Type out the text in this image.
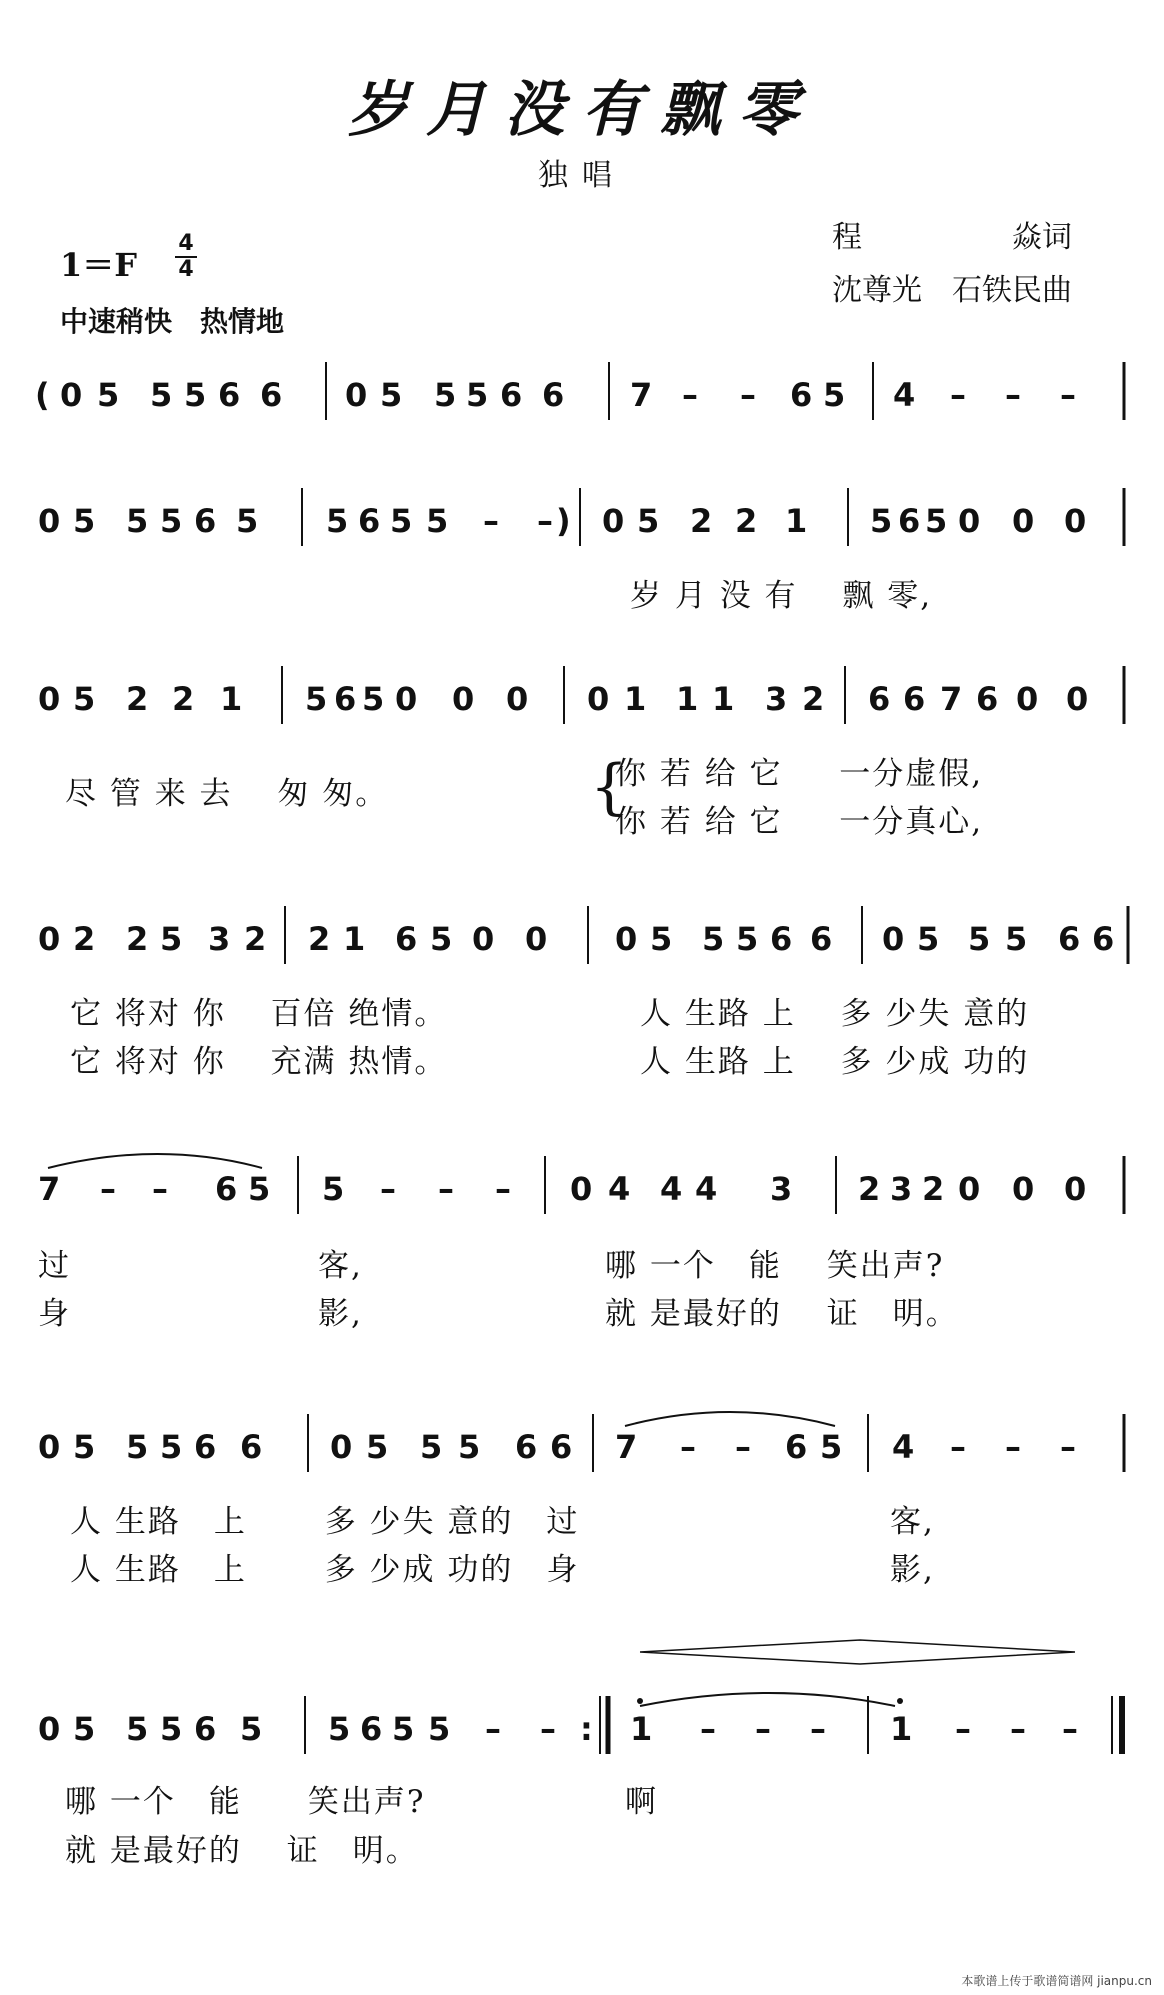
岁月没有飘零
独唱
1＝F
4
4
中速稍快　热情地
程　　　　　焱词
沈尊光　石铁民曲
( 0 5 5 5 6 6 0 5 5 5 6 6 7 – – 6 5 4 – – –
0 5 5 5 6 5 5 6 5 5 – – ) 0 5 2 2 1 5 6 5 0 0 0
0 5 2 2 1 5 6 5 0 0 0 0 1 1 1 3 2 6 6 7 6 0 0
0 2 2 5 3 2 2 1 6 5 0 0 0 5 5 5 6 6 0 5 5 5 6 6
7 – – 6 5 5 – – – 0 4 4 4 3 2 3 2 0 0 0
0 5 5 5 6 6 0 5 5 5 6 6 7 – – 6 5 4 – – –
0 5 5 5 6 5 5 6 5 5 – – : 1 – – – 1 – – –
岁 月 没 有　 飘 零,
尽 管 来 去　 匆 匆。	{
你 若 给 它 　 一分虚假,
你 若 给 它 　 一分真心,
它 将对 你　 百倍 绝情。	人 生路 上　 多 少失 意的
它 将对 你　 充满 热情。	人 生路 上　 多 少成 功的
过	客,	哪 一个　能　 笑出声?
身	影,	就 是最好的　 证　明。
人 生路　上　　 多 少失 意的　过	客,
人 生路　上　　 多 少成 功的　身	影,
哪 一个　能　　笑出声?	啊
就 是最好的　 证　明。
本歌谱上传于歌谱简谱网 jianpu.cn
